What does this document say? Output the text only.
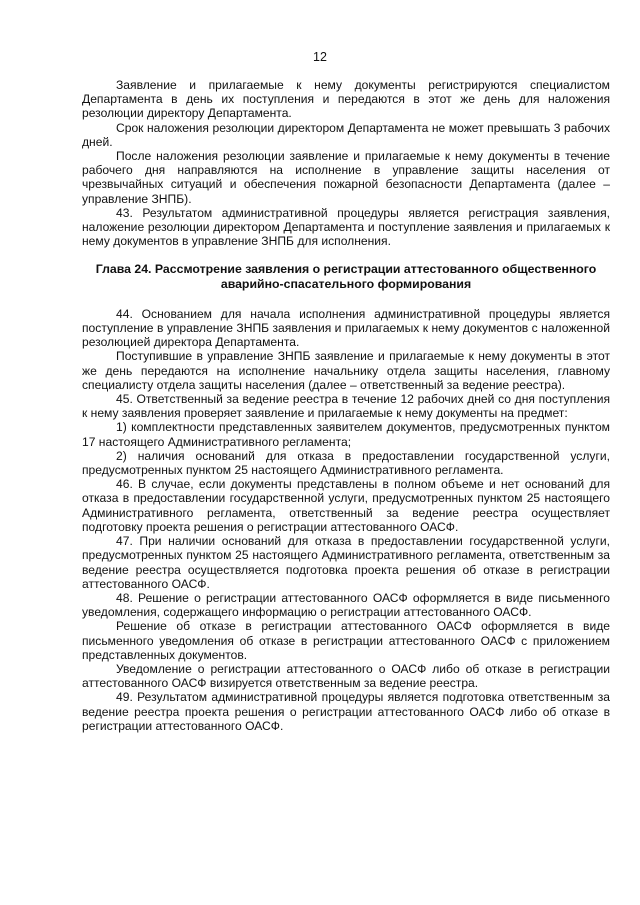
12

Заявление и прилагаемые к нему документы регистрируются специалистом Департамента в день их поступления и передаются в этот же день для наложения резолюции директору Департамента.

Срок наложения резолюции директором Департамента не может превышать 3 рабочих дней.

После наложения резолюции заявление и прилагаемые к нему документы в течение рабочего дня направляются на исполнение в управление защиты населения от чрезвычайных ситуаций и обеспечения пожарной безопасности Департамента (далее – управление ЗНПБ).

43. Результатом административной процедуры является регистрация заявления, наложение резолюции директором Департамента и поступление заявления и прилагаемых к нему документов в управление ЗНПБ для исполнения.

Глава 24. Рассмотрение заявления о регистрации аттестованного общественного аварийно-спасательного формирования

44. Основанием для начала исполнения административной процедуры является поступление в управление ЗНПБ заявления и прилагаемых к нему документов с наложенной резолюцией директора Департамента.

Поступившие в управление ЗНПБ заявление и прилагаемые к нему документы в этот же день передаются на исполнение начальнику отдела защиты населения, главному специалисту отдела защиты населения (далее – ответственный за ведение реестра).

45. Ответственный за ведение реестра в течение 12 рабочих дней со дня поступления к нему заявления проверяет заявление и прилагаемые к нему документы на предмет:

1) комплектности представленных заявителем документов, предусмотренных пунктом 17 настоящего Административного регламента;

2) наличия оснований для отказа в предоставлении государственной услуги, предусмотренных пунктом 25 настоящего Административного регламента.

46. В случае, если документы представлены в полном объеме и нет оснований для отказа в предоставлении государственной услуги, предусмотренных пунктом 25 настоящего Административного регламента, ответственный за ведение реестра осуществляет подготовку проекта решения о регистрации аттестованного ОАСФ.

47. При наличии оснований для отказа в предоставлении государственной услуги, предусмотренных пунктом 25 настоящего Административного регламента, ответственным за ведение реестра осуществляется подготовка проекта решения об отказе в регистрации аттестованного ОАСФ.

48. Решение о регистрации аттестованного ОАСФ оформляется в виде письменного уведомления, содержащего информацию о регистрации аттестованного ОАСФ.

Решение об отказе в регистрации аттестованного ОАСФ оформляется в виде письменного уведомления об отказе в регистрации аттестованного ОАСФ с приложением представленных документов.

Уведомление о регистрации аттестованного о ОАСФ либо об отказе в регистрации аттестованного ОАСФ визируется ответственным за ведение реестра.

49. Результатом административной процедуры является подготовка ответственным за ведение реестра проекта решения о регистрации аттестованного ОАСФ либо об отказе в регистрации аттестованного ОАСФ.
